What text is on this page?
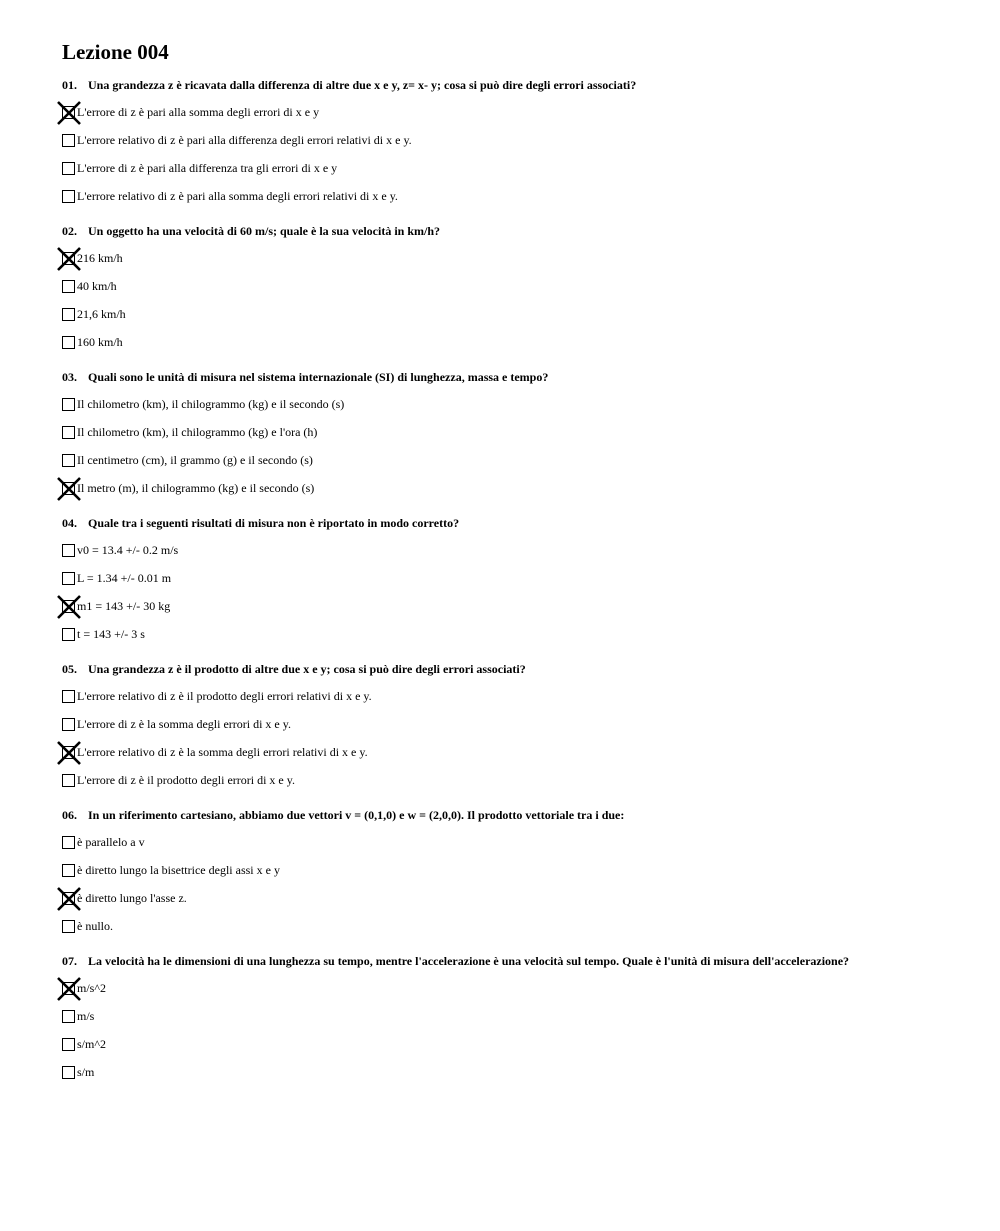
Lezione 004
01. Una grandezza z è ricavata dalla differenza di altre due x e y, z= x- y; cosa si può dire degli errori associati?
L'errore di z è pari alla somma degli errori di x e y
L'errore relativo di z è pari alla differenza degli errori relativi di x e y.
L'errore di z è pari alla differenza tra gli errori di x e y
L'errore relativo di z è pari alla somma degli errori relativi di x e y.
02. Un oggetto ha una velocità di 60 m/s; quale è la sua velocità in km/h?
216 km/h
40 km/h
21,6 km/h
160 km/h
03. Quali sono le unità di misura nel sistema internazionale (SI) di lunghezza, massa e tempo?
Il chilometro (km), il chilogrammo (kg) e il secondo (s)
Il chilometro (km), il chilogrammo (kg) e l'ora (h)
Il centimetro (cm), il grammo (g) e il secondo (s)
Il metro (m), il chilogrammo (kg) e il secondo (s)
04. Quale tra i seguenti risultati di misura non è riportato in modo corretto?
v0 = 13.4 +/- 0.2 m/s
L = 1.34 +/- 0.01 m
m1 = 143 +/- 30 kg
t = 143 +/- 3 s
05. Una grandezza z è il prodotto di altre due x e y; cosa si può dire degli errori associati?
L'errore relativo di z è il prodotto degli errori relativi di x e y.
L'errore di z è la somma degli errori di x e y.
L'errore relativo di z è la somma degli errori relativi di x e y.
L'errore di z è il prodotto degli errori di x e y.
06. In un riferimento cartesiano, abbiamo due vettori v = (0,1,0) e w = (2,0,0). Il prodotto vettoriale tra i due:
è parallelo a v
è diretto lungo la bisettrice degli assi x e y
è diretto lungo l'asse z.
è nullo.
07. La velocità ha le dimensioni di una lunghezza su tempo, mentre l'accelerazione è una velocità sul tempo. Quale è l'unità di misura dell'accelerazione?
m/s^2
m/s
s/m^2
s/m
